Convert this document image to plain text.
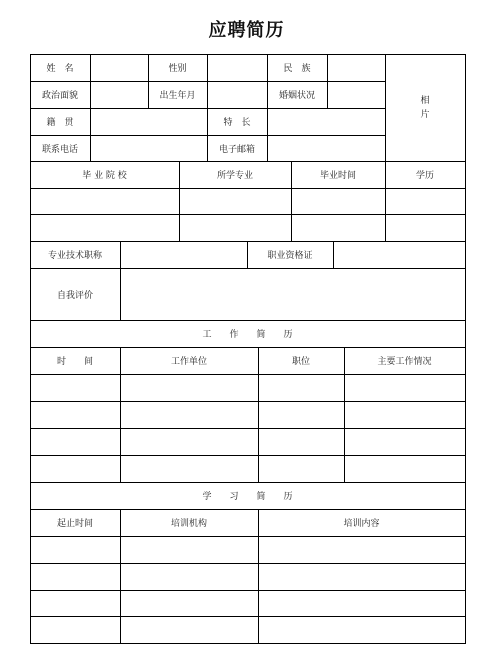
应聘简历
姓　名	性别	民　族
政治面貌	出生年月	婚姻状况
籍　贯	特　长
联系电话	电子邮箱
相
片
毕 业 院 校	所学专业	毕业时间	学历
专业技术职称	职业资格证
自我评价
工　　作　　简　　历
时　　间	工作单位	职位	主要工作情况
学　　习　　简　　历
起止时间	培训机构	培训内容
